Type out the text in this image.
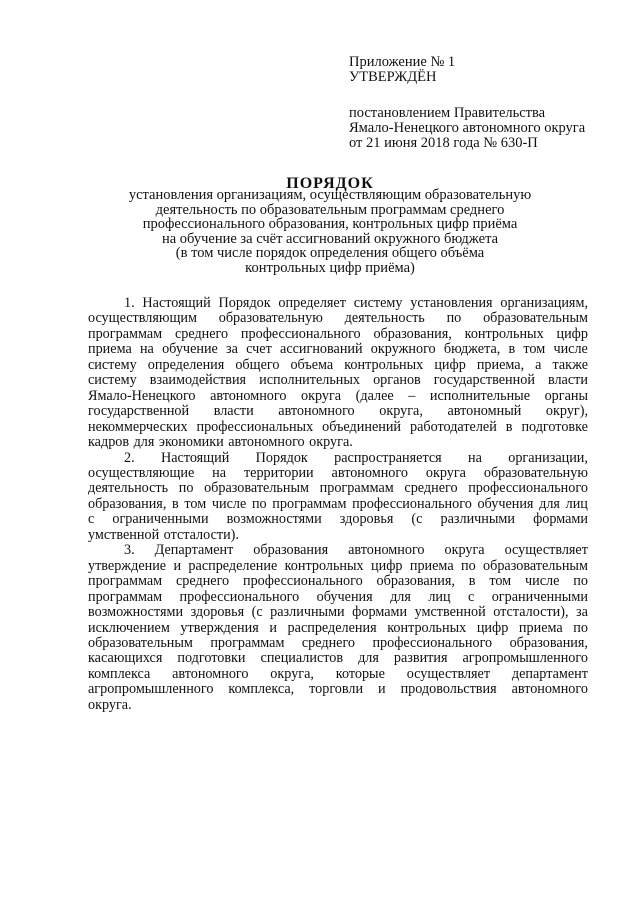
Приложение № 1
УТВЕРЖДЁН
постановлением Правительства
Ямало-Ненецкого автономного округа
от 21 июня 2018 года № 630-П
ПОРЯДОК
установления организациям, осуществляющим образовательную
деятельность по образовательным программам среднего
профессионального образования, контрольных цифр приёма
на обучение за счёт ассигнований окружного бюджета
(в том числе порядок определения общего объёма
контрольных цифр приёма)
1. Настоящий Порядок определяет систему установления организациям,
осуществляющим образовательную деятельность по образовательным
программам среднего профессионального образования, контрольных цифр
приема на обучение за счет ассигнований окружного бюджета, в том числе
систему определения общего объема контрольных цифр приема, а также
систему взаимодействия исполнительных органов государственной власти
Ямало-Ненецкого автономного округа (далее – исполнительные органы
государственной власти автономного округа, автономный округ),
некоммерческих профессиональных объединений работодателей в подготовке
кадров для экономики автономного округа.
2. Настоящий Порядок распространяется на организации,
осуществляющие на территории автономного округа образовательную
деятельность по образовательным программам среднего профессионального
образования, в том числе по программам профессионального обучения для лиц
с ограниченными возможностями здоровья (с различными формами
умственной отсталости).
3. Департамент образования автономного округа осуществляет
утверждение и распределение контрольных цифр приема по образовательным
программам среднего профессионального образования, в том числе по
программам профессионального обучения для лиц с ограниченными
возможностями здоровья (с различными формами умственной отсталости), за
исключением утверждения и распределения контрольных цифр приема по
образовательным программам среднего профессионального образования,
касающихся подготовки специалистов для развития агропромышленного
комплекса автономного округа, которые осуществляет департамент
агропромышленного комплекса, торговли и продовольствия автономного
округа.
